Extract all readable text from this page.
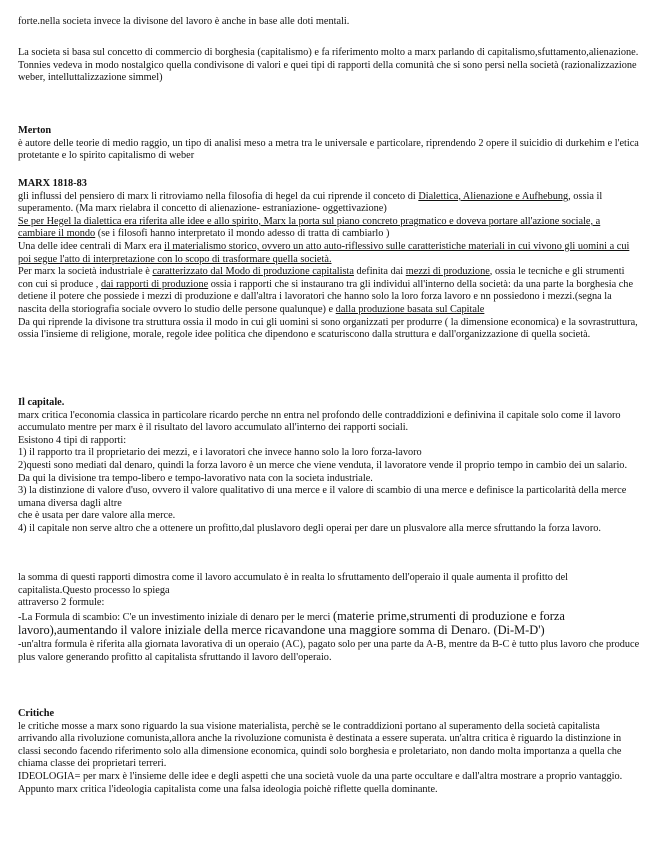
forte.nella societa invece la divisone del lavoro è anche in base alle doti mentali.

La societa si basa sul concetto di commercio di borghesia (capitalismo) e fa riferimento molto a marx parlando di capitalismo,sfuttamento,alienazione.

Tonnies vedeva in modo nostalgico quella condivisone di valori e quei tipi di rapporti della comunità che si sono persi nella società (razionalizzazione weber, intelluttalizzazione simmel)

Merton

è autore delle teorie di medio raggio, un tipo di analisi meso a metra tra le universale e particolare, riprendendo 2 opere il suicidio di durkehim e l'etica protetante e lo spirito capitalismo di weber

MARX 1818-83

gli influssi del pensiero di marx li ritroviamo nella filosofia di hegel da cui riprende il conceto di Dialettica, Alienazione e Aufhebung, ossia il superamento. (Ma marx rielabra il concetto di alienazione- estraniazione- oggettivazione)

Se per Hegel la dialettica era riferita alle idee e allo spirito, Marx la porta sul piano concreto pragmatico e doveva portare all'azione sociale, a cambiare il mondo (se i filosofi hanno interpretato il mondo adesso di tratta di cambiarlo )

Una delle idee centrali di Marx era il materialismo storico, ovvero un atto auto-riflessivo sulle caratteristiche materiali in cui vivono gli uomini a cui poi segue l'atto di interpretazione con lo scopo di trasformare quella società.

Per marx la società industriale è caratterizzato dal Modo di produzione capitalista definita dai mezzi di produzione, ossia le tecniche e gli strumenti con cui si produce , dai rapporti di produzione ossia i rapporti che si instaurano tra gli individui all'interno della società: da una parte la borghesia che detiene il potere che possiede i mezzi di produzione e dall'altra i lavoratori che hanno solo la loro forza lavoro e nn possiedono i mezzi.(segna la nascita della storiografia sociale ovvero lo studio delle persone qualunque) e dalla produzione basata sul Capitale

Da qui riprende la divisone tra struttura ossia il modo in cui gli uomini si sono organizzati per produrre ( la dimensione economica) e la sovrastruttura, ossia l'insieme di religione, morale, regole idee politica che dipendono e scaturiscono dalla struttura e dall'organizzazione di quella società.

Il capitale.

marx critica l'economia classica in particolare ricardo perche nn entra nel profondo delle contraddizioni e definivina il capitale solo come il lavoro accumulato mentre per marx è il risultato del lavoro accumulato all'interno dei rapporti sociali.

Esistono 4 tipi di rapporti:

1) il rapporto tra il proprietario dei mezzi, e i lavoratori che invece hanno solo la loro forza-lavoro

2)questi sono mediati dal denaro, quindi la forza lavoro è un merce che viene venduta, il lavoratore vende il proprio tempo in cambio dei un salario. Da qui la divisione tra tempo-libero e tempo-lavorativo nata con la societa industriale.

3) la distinzione di valore d'uso, ovvero il valore qualitativo di una merce e il valore di scambio di una merce e definisce la particolarità della merce umana diversa dagli altre

che è usata per dare valore alla merce.

4) il capitale non serve altro che a ottenere un profitto,dal pluslavoro degli operai per dare un plusvalore alla merce sfruttando la forza lavoro.

la somma di questi rapporti dimostra come il lavoro accumulato è in realta lo sfruttamento dell'operaio il quale aumenta il profitto del capitalista.Questo processo lo spiega

attraverso 2 formule:

-La Formula di scambio: C'e un investimento iniziale di denaro per le merci (materie prime,strumenti di produzione e forza lavoro),aumentando il valore iniziale della merce ricavandone una maggiore somma di Denaro. (Di-M-D')

-un'altra formula è riferita alla giornata lavorativa di un operaio (AC), pagato solo per una parte da A-B, mentre da B-C è tutto plus lavoro che produce plus valore generando profitto al capitalista sfruttando il lavoro dell'operaio.

Critiche

le critiche mosse a marx sono riguardo la sua visione materialista, perchè se le contraddizioni portano al superamento della società capitalista arrivando alla rivoluzione comunista,allora anche la rivoluzione comunista è destinata a essere superata. un'altra critica è riguardo la distinzione in classi secondo facendo riferimento solo alla dimensione economica, quindi solo borghesia e proletariato, non dando molta importanza a quella che chiama classe dei proprietari terreri.

IDEOLOGIA= per marx è l'insieme delle idee e degli aspetti che una società vuole da una parte occultare e dall'altra mostrare a proprio vantaggio. Appunto marx critica l'ideologia capitalista come una falsa ideologia poichè riflette quella dominante.
